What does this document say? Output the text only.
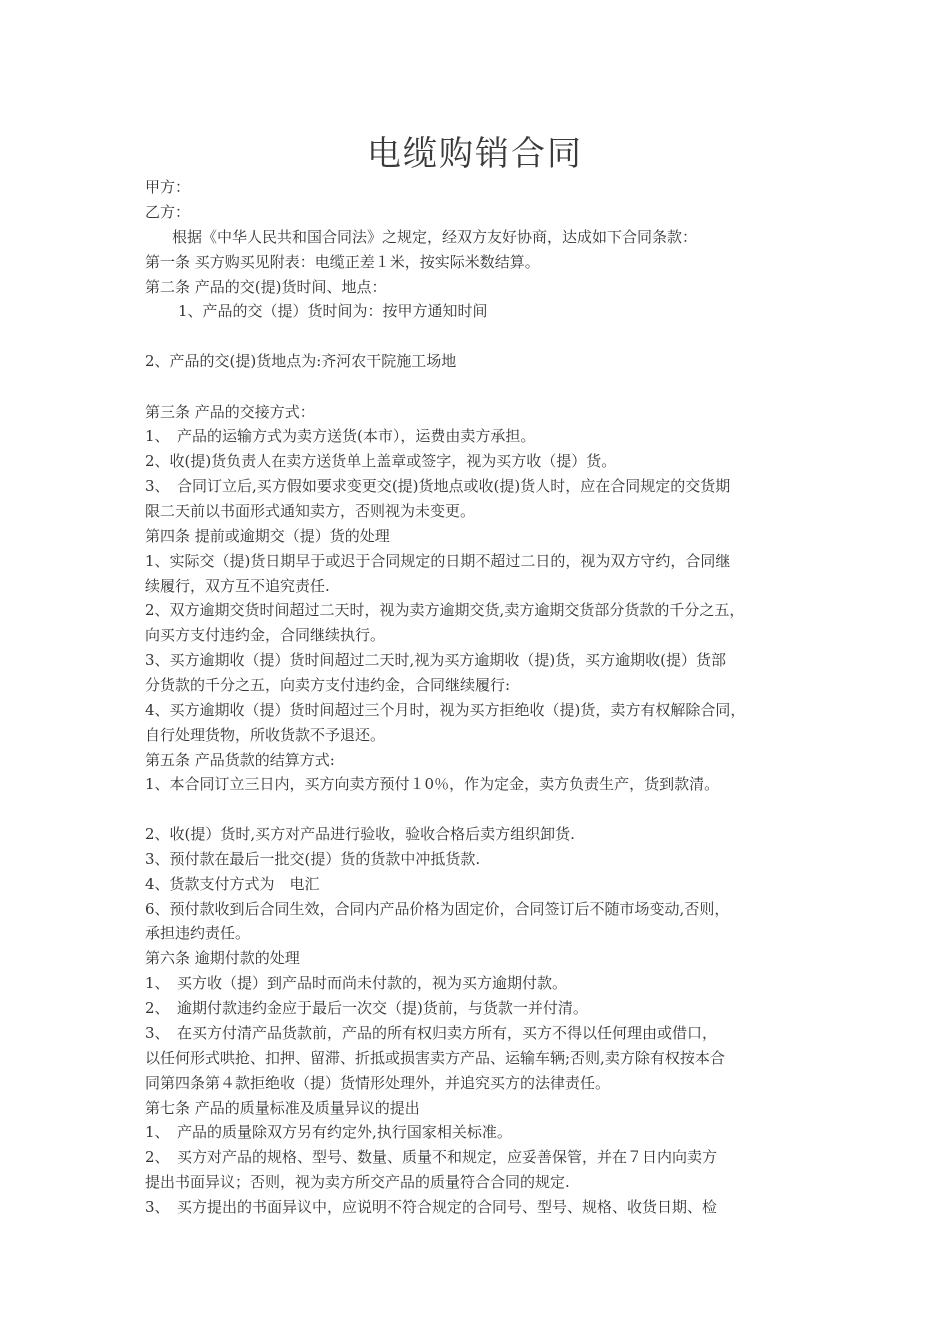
电缆购销合同
甲方：
乙方：
根据《中华人民共和国合同法》之规定，经双方友好协商，达成如下合同条款：
第一条 买方购买见附表：电缆正差１米，按实际米数结算。
第二条 产品的交(提)货时间、地点：
1、产品的交（提）货时间为：按甲方通知时间
2、产品的交(提)货地点为:齐河农干院施工场地
第三条 产品的交接方式：
1、　产品的运输方式为卖方送货(本市），运费由卖方承担。
2、收(提)货负责人在卖方送货单上盖章或签字，视为买方收（提）货。
3、　合同订立后,买方假如要求变更交(提)货地点或收(提)货人时，应在合同规定的交货期
限二天前以书面形式通知卖方，否则视为未变更。
第四条 提前或逾期交（提）货的处理
1、实际交（提)货日期早于或迟于合同规定的日期不超过二日的，视为双方守约，合同继
续履行，双方互不追究责任.
2、双方逾期交货时间超过二天时，视为卖方逾期交货,卖方逾期交货部分货款的千分之五，
向买方支付违约金，合同继续执行。
3、买方逾期收（提）货时间超过二天时,视为买方逾期收（提)货，买方逾期收(提）货部
分货款的千分之五，向卖方支付违约金，合同继续履行:
4、买方逾期收（提）货时间超过三个月时，视为买方拒绝收（提)货，卖方有权解除合同，
自行处理货物，所收货款不予退还。
第五条 产品货款的结算方式:
1、本合同订立三日内，买方向卖方预付１0％，作为定金，卖方负责生产，货到款清。
2、收(提）货时,买方对产品进行验收，验收合格后卖方组织卸货.
3、预付款在最后一批交(提）货的货款中冲抵货款.
4、货款支付方式为　电汇
6、预付款收到后合同生效，合同内产品价格为固定价，合同签订后不随市场变动,否则，
承担违约责任。
第六条 逾期付款的处理
1、　买方收（提）到产品时而尚未付款的，视为买方逾期付款。
2、　逾期付款违约金应于最后一次交（提)货前，与货款一并付清。
3、　在买方付清产品货款前，产品的所有权归卖方所有，买方不得以任何理由或借口，
以任何形式哄抢、扣押、留滞、折抵或损害卖方产品、运输车辆;否则,卖方除有权按本合
同第四条第４款拒绝收（提）货情形处理外，并追究买方的法律责任。
第七条 产品的质量标准及质量异议的提出
1、　产品的质量除双方另有约定外,执行国家相关标准。
2、　买方对产品的规格、型号、数量、质量不和规定，应妥善保管，并在７日内向卖方
提出书面异议；否则，视为卖方所交产品的质量符合合同的规定.
3、　买方提出的书面异议中，应说明不符合规定的合同号、型号、规格、收货日期、检
